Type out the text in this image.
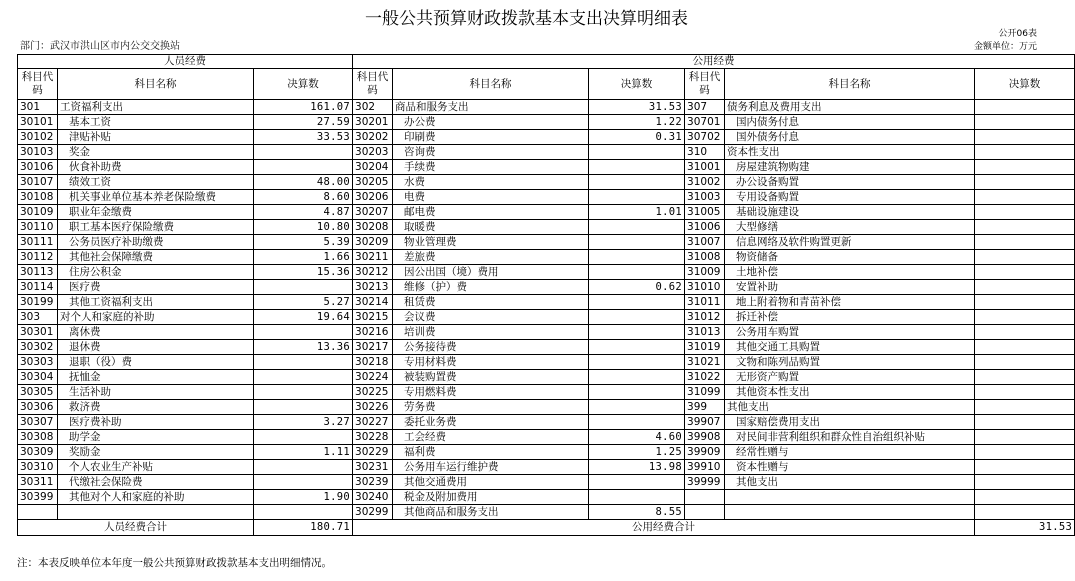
一般公共预算财政拨款基本支出决算明细表
公开06表
部门：武汉市洪山区市内公交交换站	金额单位：万元
人员经费			公用经费					
科目代码	科目名称	决算数	科目代码	科目名称	决算数	科目代码	科目名称	决算数
301	工资福利支出	161.07	302	商品和服务支出	31.53	307	债务利息及费用支出	
30101	基本工资	27.59	30201	办公费	1.22	30701	国内债务付息	
30102	津贴补贴	33.53	30202	印刷费	0.31	30702	国外债务付息	
30103	奖金		30203	咨询费		310	资本性支出	
30106	伙食补助费		30204	手续费		31001	房屋建筑物购建	
30107	绩效工资	48.00	30205	水费		31002	办公设备购置	
30108	机关事业单位基本养老保险缴费	8.60	30206	电费		31003	专用设备购置	
30109	职业年金缴费	4.87	30207	邮电费	1.01	31005	基础设施建设	
30110	职工基本医疗保险缴费	10.80	30208	取暖费		31006	大型修缮	
30111	公务员医疗补助缴费	5.39	30209	物业管理费		31007	信息网络及软件购置更新	
30112	其他社会保障缴费	1.66	30211	差旅费		31008	物资储备	
30113	住房公积金	15.36	30212	因公出国（境）费用		31009	土地补偿	
30114	医疗费		30213	维修（护）费	0.62	31010	安置补助	
30199	其他工资福利支出	5.27	30214	租赁费		31011	地上附着物和青苗补偿	
303	对个人和家庭的补助	19.64	30215	会议费		31012	拆迁补偿	
30301	离休费		30216	培训费		31013	公务用车购置	
30302	退休费	13.36	30217	公务接待费		31019	其他交通工具购置	
30303	退职（役）费		30218	专用材料费		31021	文物和陈列品购置	
30304	抚恤金		30224	被装购置费		31022	无形资产购置	
30305	生活补助		30225	专用燃料费		31099	其他资本性支出	
30306	救济费		30226	劳务费		399	其他支出	
30307	医疗费补助	3.27	30227	委托业务费		39907	国家赔偿费用支出	
30308	助学金		30228	工会经费	4.60	39908	对民间非营利组织和群众性自治组织补贴	
30309	奖励金	1.11	30229	福利费	1.25	39909	经常性赠与	
30310	个人农业生产补贴		30231	公务用车运行维护费	13.98	39910	资本性赠与	
30311	代缴社会保险费		30239	其他交通费用		39999	其他支出	
30399	其他对个人和家庭的补助	1.90	30240	税金及附加费用				
			30299	其他商品和服务支出	8.55			
人员经费合计		180.71	公用经费合计					31.53
注：本表反映单位本年度一般公共预算财政拨款基本支出明细情况。
